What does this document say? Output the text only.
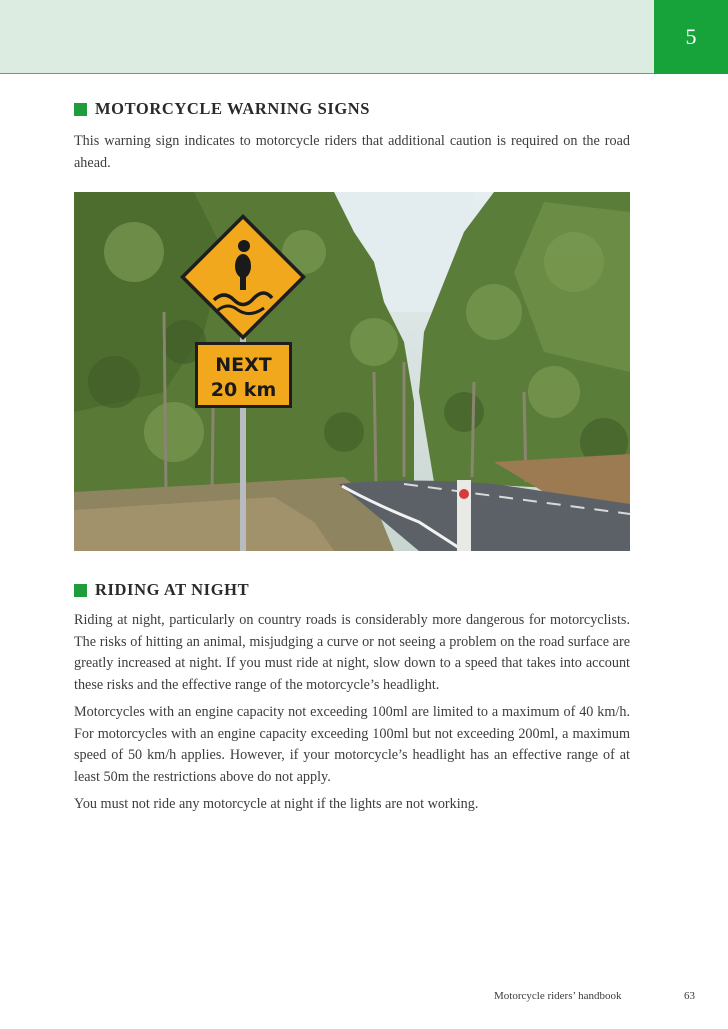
5
MOTORCYCLE WARNING SIGNS

This warning sign indicates to motorcycle riders that additional caution is required on the road ahead.

NEXT
20 km
RIDING AT NIGHT

Riding at night, particularly on country roads is considerably more dangerous for motorcyclists. The risks of hitting an animal, misjudging a curve or not seeing a problem on the road surface are greatly increased at night. If you must ride at night, slow down to a speed that takes into account these risks and the effective range of the motorcycle’s headlight.

Motorcycles with an engine capacity not exceeding 100ml are limited to a maximum of 40 km/h. For motorcycles with an engine capacity exceeding 100ml but not exceeding 200ml, a maximum speed of 50 km/h applies. However, if your motorcycle’s headlight has an effective range of at least 50m the restrictions above do not apply.

You must not ride any motorcycle at night if the lights are not working.

Motorcycle riders’ handbook	63
